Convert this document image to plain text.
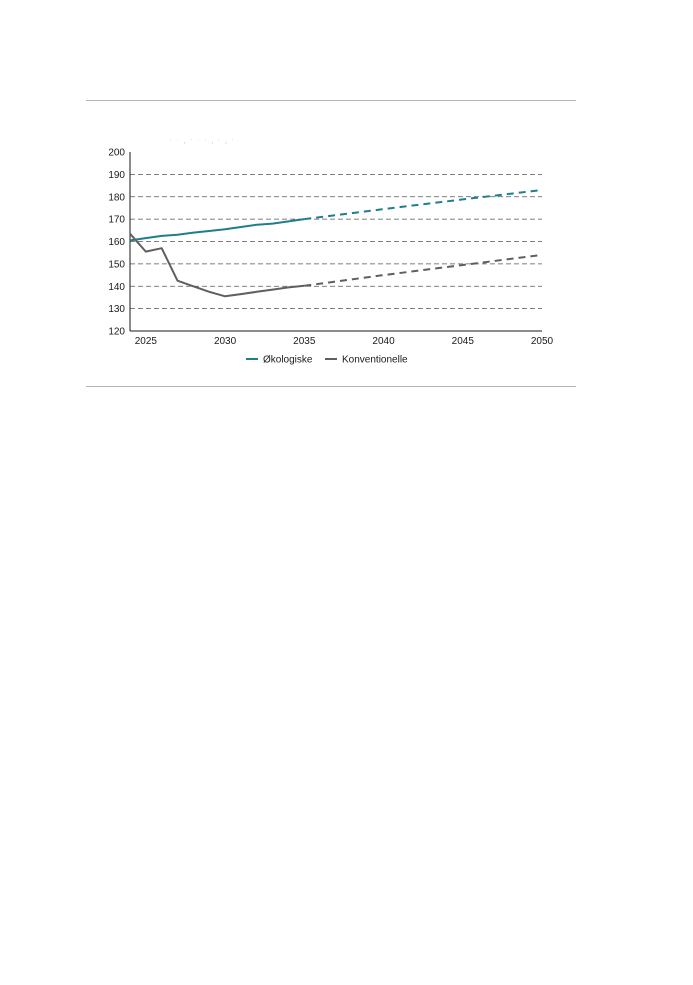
˙ ˙ ‚ ˙ ˙ ˙ ‚ ˙ ‚ ˙
120
130
140
150
160
170
180
190
200
2025	2030	2035	2040	2045	2050
Økologiske	Konventionelle
